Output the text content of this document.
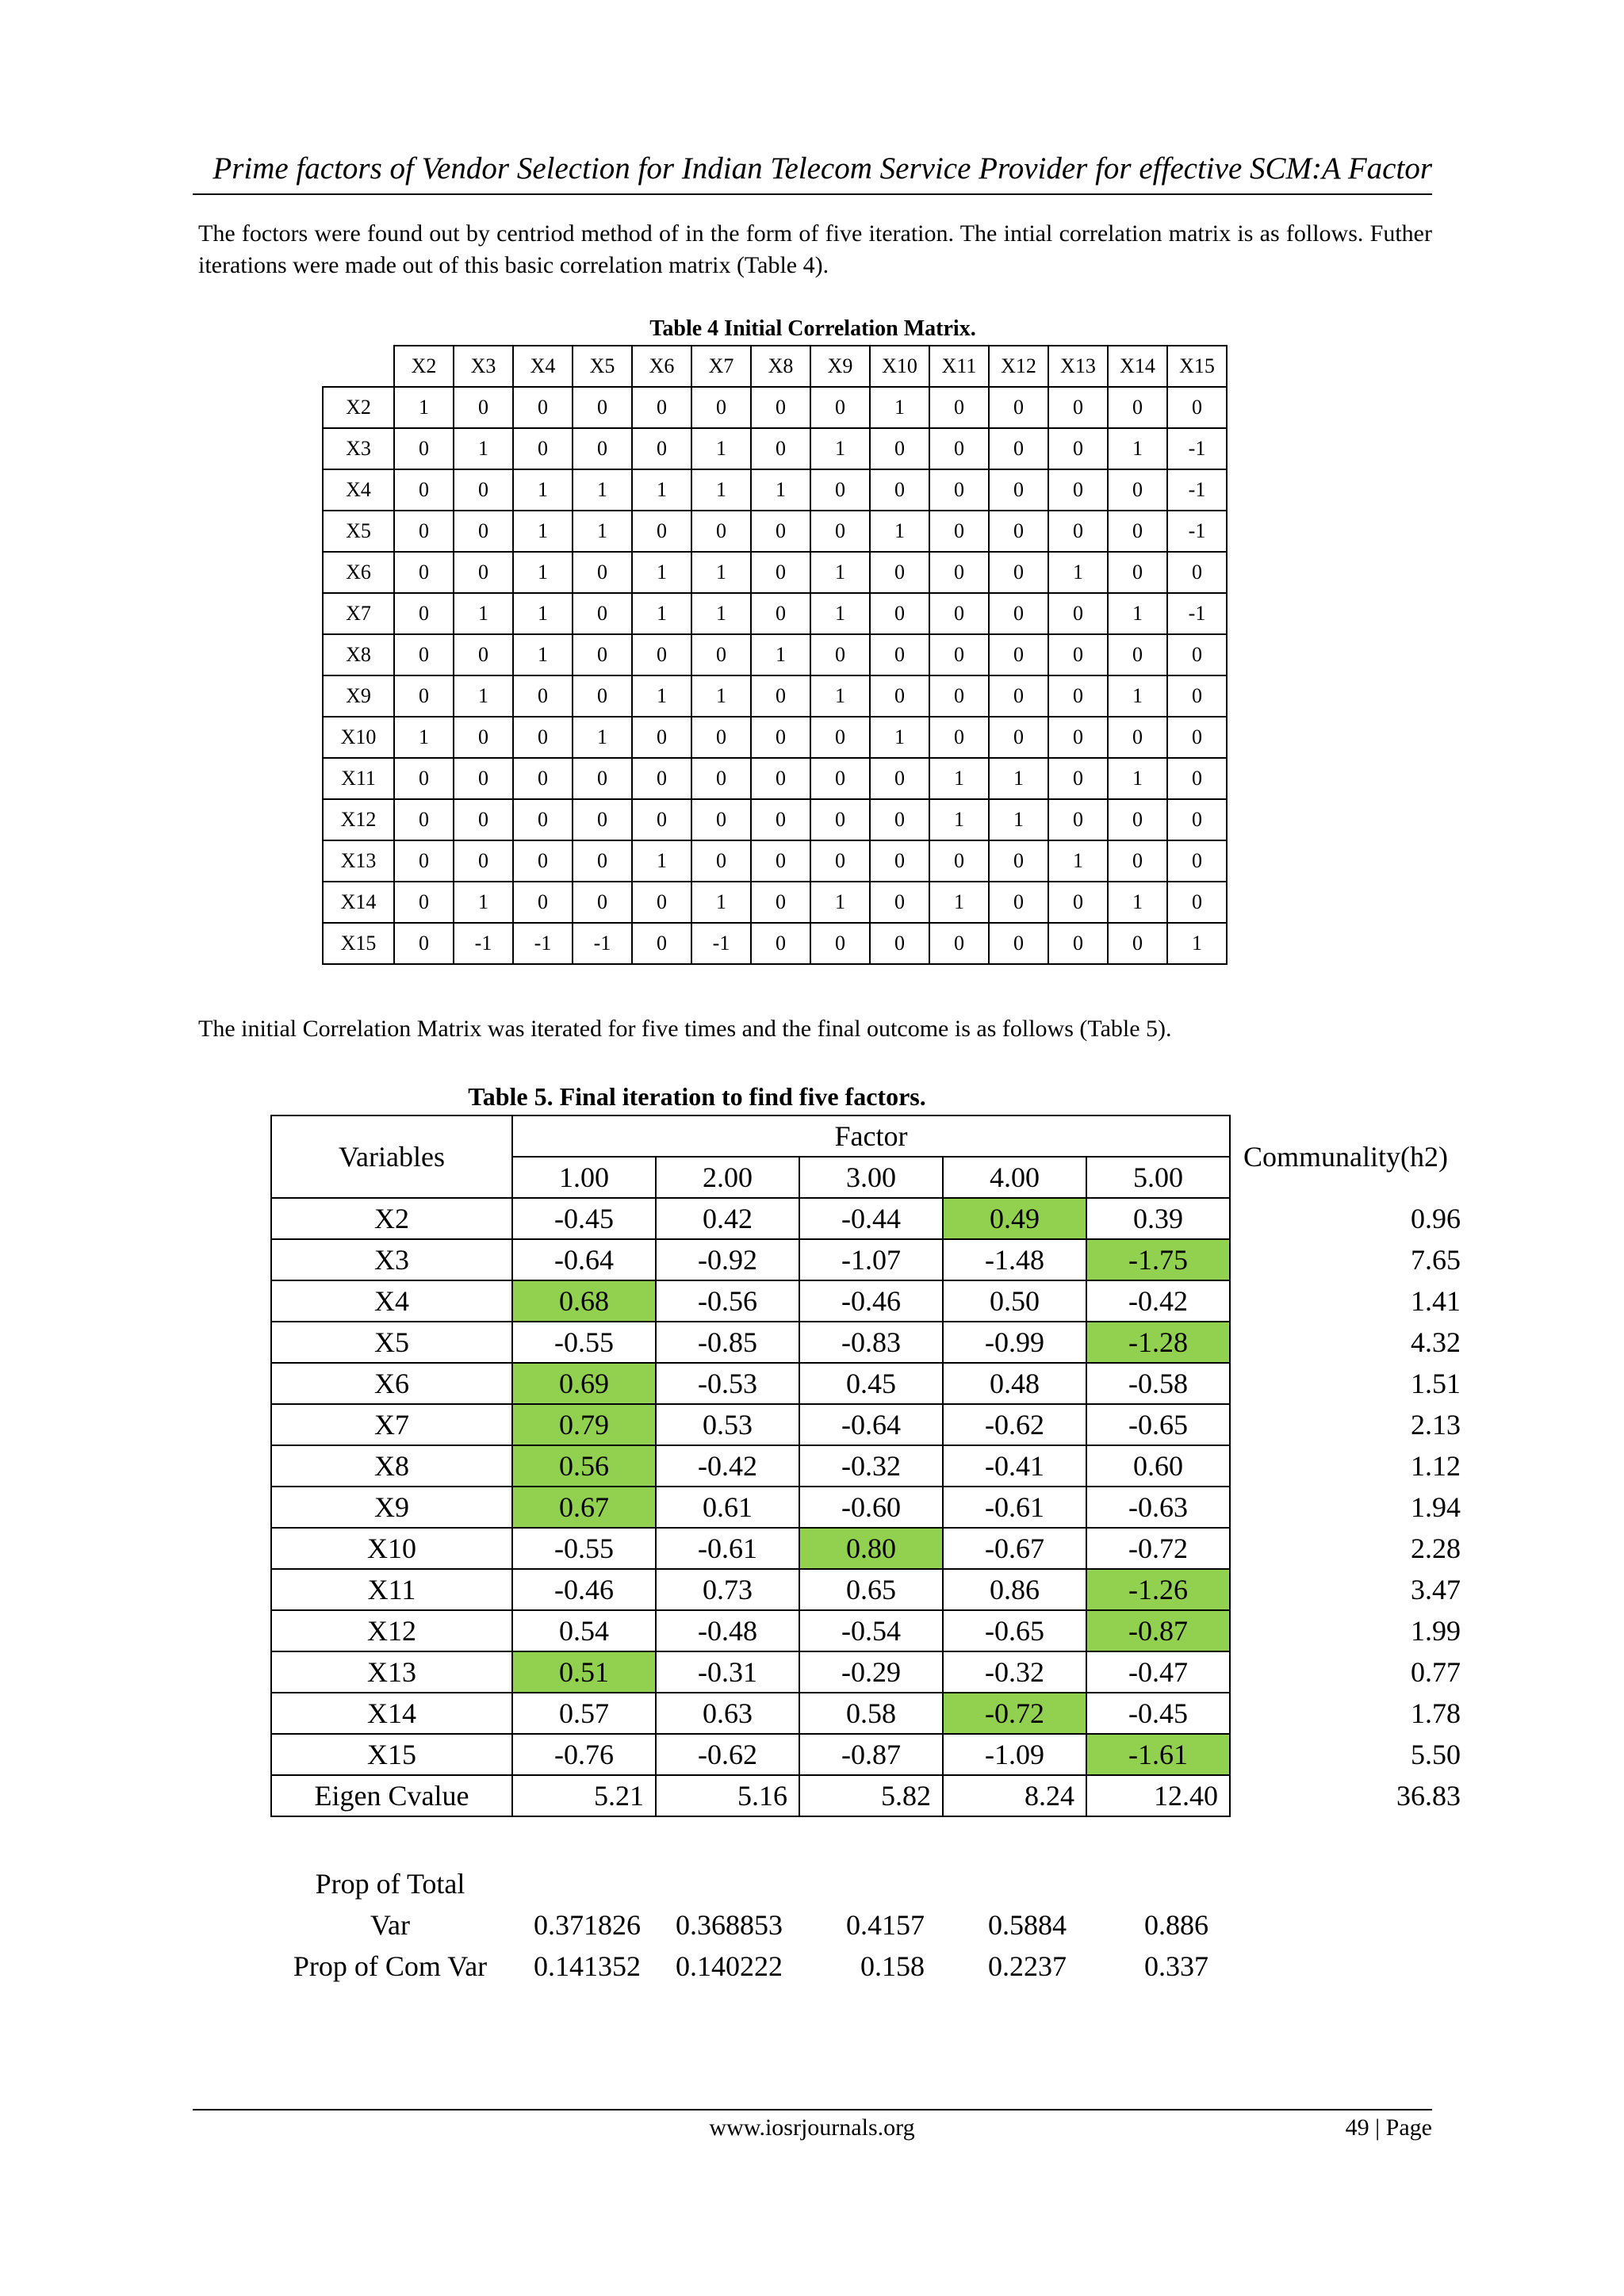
Prime factors of Vendor Selection for Indian Telecom Service Provider for effective SCM:A Factor
The foctors were found out by centriod method of in the form of five iteration. The intial correlation matrix is as follows. Futher iterations were made out of this basic correlation matrix (Table 4).
Table 4 Initial Correlation Matrix.
	X2	X3	X4	X5	X6	X7	X8	X9	X10	X11	X12	X13	X14	X15
X2	1	0	0	0	0	0	0	0	1	0	0	0	0	0
X3	0	1	0	0	0	1	0	1	0	0	0	0	1	-1
X4	0	0	1	1	1	1	1	0	0	0	0	0	0	-1
X5	0	0	1	1	0	0	0	0	1	0	0	0	0	-1
X6	0	0	1	0	1	1	0	1	0	0	0	1	0	0
X7	0	1	1	0	1	1	0	1	0	0	0	0	1	-1
X8	0	0	1	0	0	0	1	0	0	0	0	0	0	0
X9	0	1	0	0	1	1	0	1	0	0	0	0	1	0
X10	1	0	0	1	0	0	0	0	1	0	0	0	0	0
X11	0	0	0	0	0	0	0	0	0	1	1	0	1	0
X12	0	0	0	0	0	0	0	0	0	1	1	0	0	0
X13	0	0	0	0	1	0	0	0	0	0	0	1	0	0
X14	0	1	0	0	0	1	0	1	0	1	0	0	1	0
X15	0	-1	-1	-1	0	-1	0	0	0	0	0	0	0	1
The initial Correlation Matrix was iterated for five times and the final outcome is as follows (Table 5).
Table 5. Final iteration to find five factors.
Variables	Factor					Communality(h2)
	1.00	2.00	3.00	4.00	5.00	
X2	-0.45	0.42	-0.44	0.49	0.39	0.96
X3	-0.64	-0.92	-1.07	-1.48	-1.75	7.65
X4	0.68	-0.56	-0.46	0.50	-0.42	1.41
X5	-0.55	-0.85	-0.83	-0.99	-1.28	4.32
X6	0.69	-0.53	0.45	0.48	-0.58	1.51
X7	0.79	0.53	-0.64	-0.62	-0.65	2.13
X8	0.56	-0.42	-0.32	-0.41	0.60	1.12
X9	0.67	0.61	-0.60	-0.61	-0.63	1.94
X10	-0.55	-0.61	0.80	-0.67	-0.72	2.28
X11	-0.46	0.73	0.65	0.86	-1.26	3.47
X12	0.54	-0.48	-0.54	-0.65	-0.87	1.99
X13	0.51	-0.31	-0.29	-0.32	-0.47	0.77
X14	0.57	0.63	0.58	-0.72	-0.45	1.78
X15	-0.76	-0.62	-0.87	-1.09	-1.61	5.50
Eigen Cvalue	5.21	5.16	5.82	8.24	12.40	36.83
Prop of Total					
Var	0.371826	0.368853	0.4157	0.5884	0.886
Prop of Com Var	0.141352	0.140222	0.158	0.2237	0.337
www.iosrjournals.org	49 | Page
